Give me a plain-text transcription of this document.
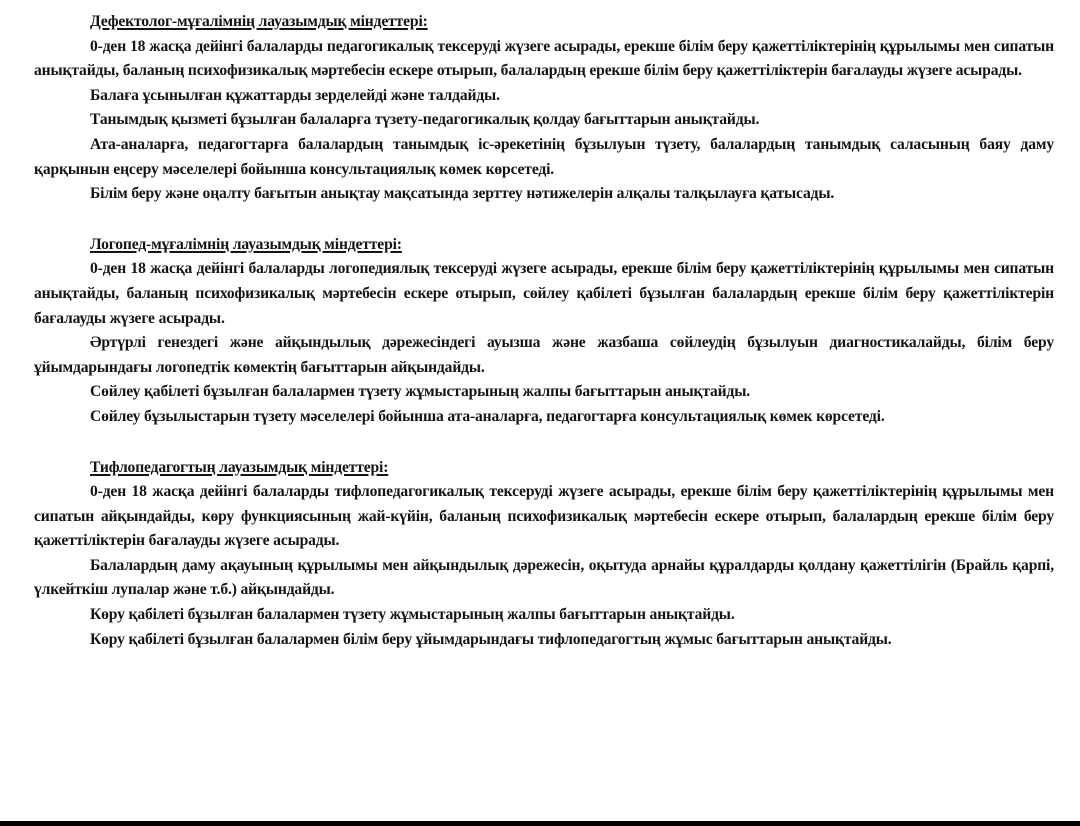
Дефектолог-мұғалімнің лауазымдық міндеттері:

0-ден 18 жасқа дейінгі балаларды педагогикалық тексеруді жүзеге асырады, ерекше білім беру қажеттіліктерінің құрылымы мен сипатын анықтайды, баланың психофизикалық мәртебесін ескере отырып, балалардың ерекше білім беру қажеттіліктерін бағалауды жүзеге асырады.

Балаға ұсынылған құжаттарды зерделейді және талдайды.

Танымдық қызметі бұзылған балаларға түзету-педагогикалық қолдау бағыттарын анықтайды.

Ата-аналарға, педагогтарға балалардың танымдық іс-әрекетінің бұзылуын түзету, балалардың танымдық саласының баяу даму қарқынын еңсеру мәселелері бойынша консультациялық көмек көрсетеді.

Білім беру және оңалту бағытын анықтау мақсатында зерттеу нәтижелерін алқалы талқылауға қатысады.

Логопед-мұғалімнің лауазымдық міндеттері:

0-ден 18 жасқа дейінгі балаларды логопедиялық тексеруді жүзеге асырады, ерекше білім беру қажеттіліктерінің құрылымы мен сипатын анықтайды, баланың психофизикалық мәртебесін ескере отырып, сөйлеу қабілеті бұзылған балалардың ерекше білім беру қажеттіліктерін бағалауды жүзеге асырады.

Әртүрлі генездегі және айқындылық дәрежесіндегі ауызша және жазбаша сөйлеудің бұзылуын диагностикалайды, білім беру ұйымдарындағы логопедтік көмектің бағыттарын айқындайды.

Сөйлеу қабілеті бұзылған балалармен түзету жұмыстарының жалпы бағыттарын анықтайды.

Сөйлеу бұзылыстарын түзету мәселелері бойынша ата-аналарға, педагогтарға консультациялық көмек көрсетеді.

Тифлопедагогтың лауазымдық міндеттері:

0-ден 18 жасқа дейінгі балаларды тифлопедагогикалық тексеруді жүзеге асырады, ерекше білім беру қажеттіліктерінің құрылымы мен сипатын айқындайды, көру функциясының жай-күйін, баланың психофизикалық мәртебесін ескере отырып, балалардың ерекше білім беру қажеттіліктерін бағалауды жүзеге асырады.

Балалардың даму ақауының құрылымы мен айқындылық дәрежесін, оқытуда арнайы құралдарды қолдану қажеттілігін (Брайль қарпі, үлкейткіш лупалар және т.б.) айқындайды.

Көру қабілеті бұзылған балалармен түзету жұмыстарының жалпы бағыттарын анықтайды.

Көру қабілеті бұзылған балалармен білім беру ұйымдарындағы тифлопедагогтың жұмыс бағыттарын анықтайды.
